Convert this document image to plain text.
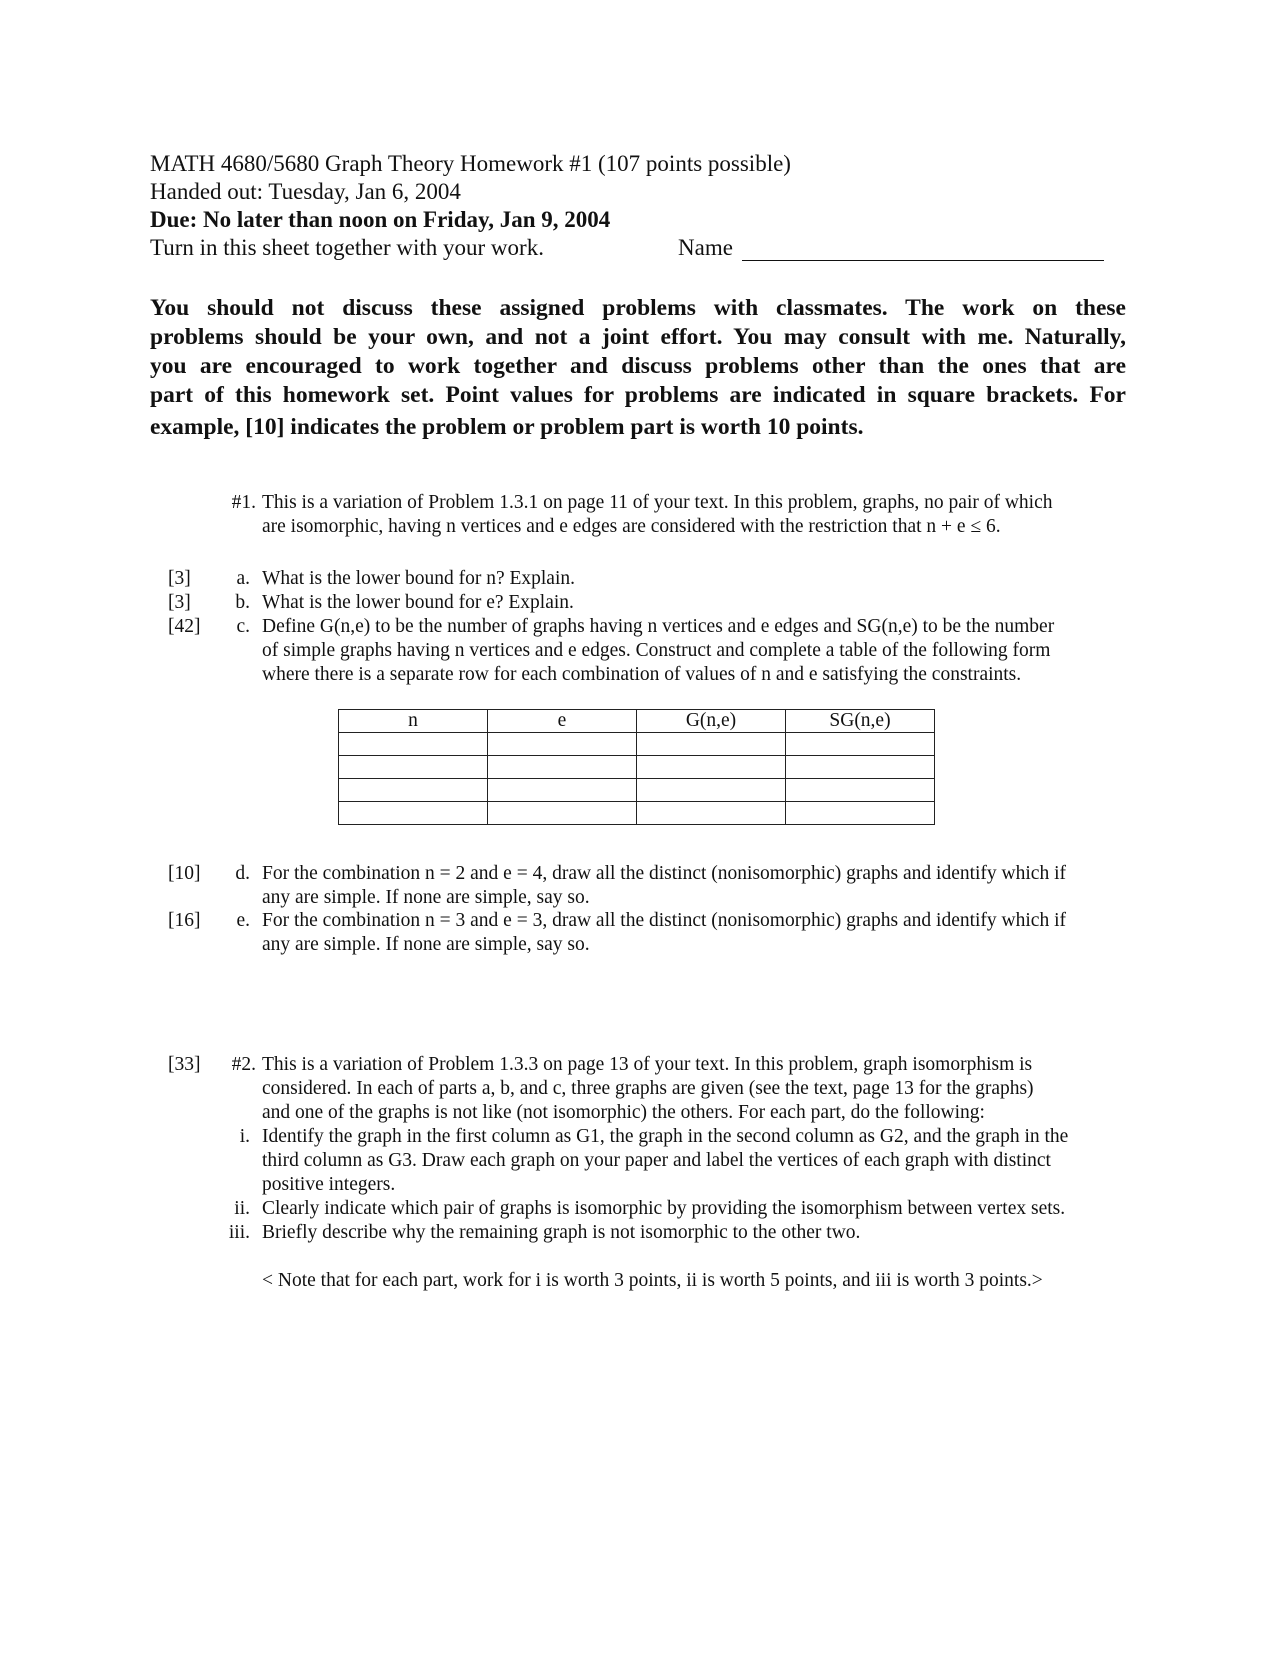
MATH 4680/5680 Graph Theory Homework #1 (107 points possible)
Handed out: Tuesday, Jan 6, 2004
Due: No later than noon on Friday, Jan 9, 2004
Turn in this sheet together with your work.	Name
You should not discuss these assigned problems with classmates. The work on these
problems should be your own, and not a joint effort. You may consult with me. Naturally,
you are encouraged to work together and discuss problems other than the ones that are
part of this homework set. Point values for problems are indicated in square brackets. For
example, [10] indicates the problem or problem part is worth 10 points.
#1. This is a variation of Problem 1.3.1 on page 11 of your text. In this problem, graphs, no pair of which
are isomorphic, having n vertices and e edges are considered with the restriction that n + e ≤ 6.
[3]	a. What is the lower bound for n? Explain.
[3]	b. What is the lower bound for e? Explain.
[42]	c. Define G(n,e) to be the number of graphs having n vertices and e edges and SG(n,e) to be the number
of simple graphs having n vertices and e edges. Construct and complete a table of the following form
where there is a separate row for each combination of values of n and e satisfying the constraints.
n	e	G(n,e)	SG(n,e)

[10]	d. For the combination n = 2 and e = 4, draw all the distinct (nonisomorphic) graphs and identify which if
any are simple. If none are simple, say so.
[16]	e. For the combination n = 3 and e = 3, draw all the distinct (nonisomorphic) graphs and identify which if
any are simple. If none are simple, say so.
[33]	#2. This is a variation of Problem 1.3.3 on page 13 of your text. In this problem, graph isomorphism is
considered. In each of parts a, b, and c, three graphs are given (see the text, page 13 for the graphs)
and one of the graphs is not like (not isomorphic) the others. For each part, do the following:
i. Identify the graph in the first column as G1, the graph in the second column as G2, and the graph in the
third column as G3. Draw each graph on your paper and label the vertices of each graph with distinct
positive integers.
ii. Clearly indicate which pair of graphs is isomorphic by providing the isomorphism between vertex sets.
iii. Briefly describe why the remaining graph is not isomorphic to the other two.
< Note that for each part, work for i is worth 3 points, ii is worth 5 points, and iii is worth 3 points.>
